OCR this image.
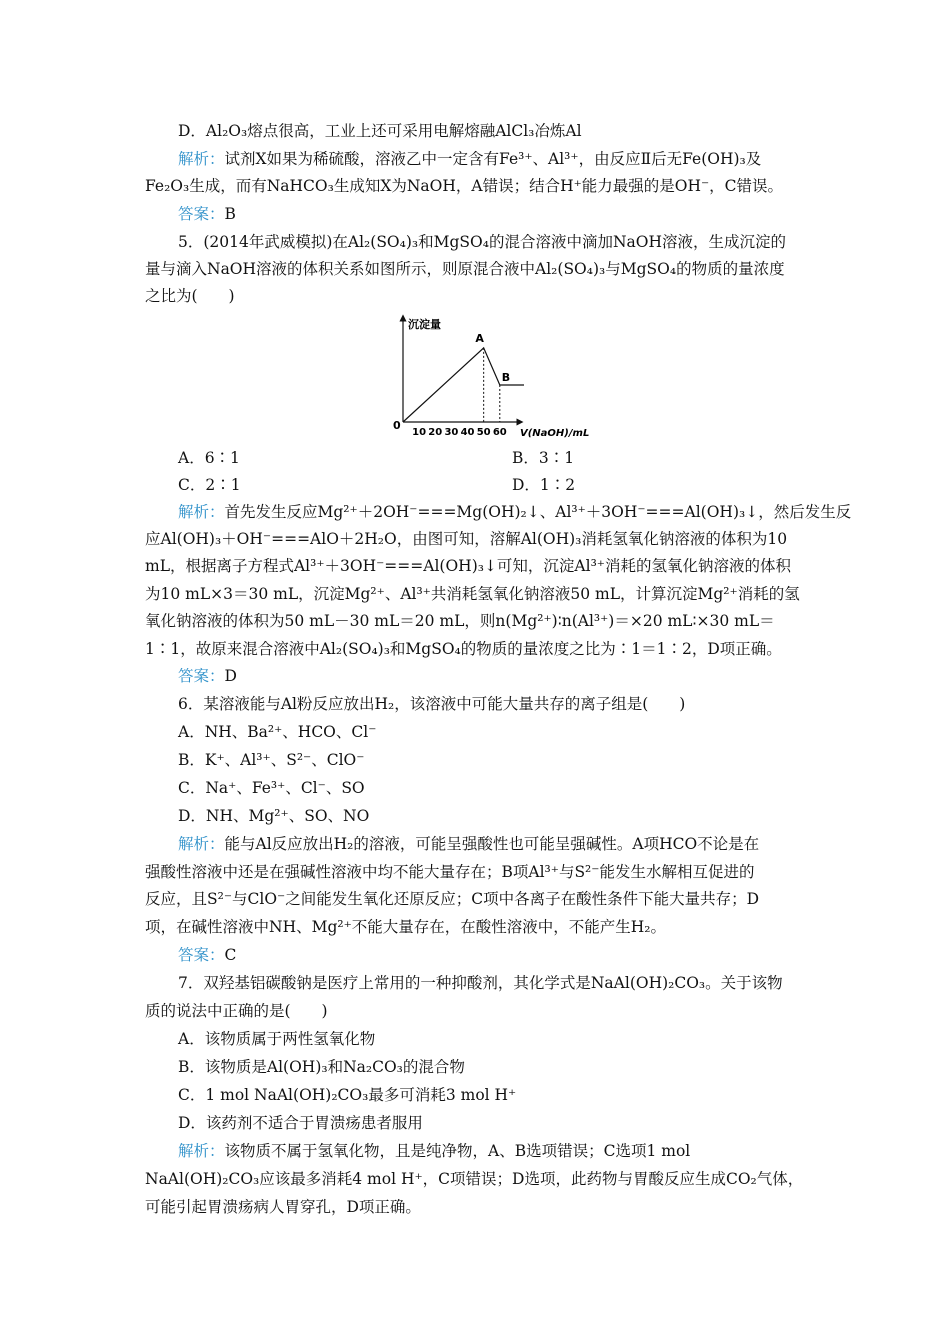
D．Al₂O₃熔点很高，工业上还可采用电解熔融AlCl₃冶炼Al
解析：试剂X如果为稀硫酸，溶液乙中一定含有Fe³⁺、Al³⁺，由反应Ⅱ后无Fe(OH)₃及
Fe₂O₃生成，而有NaHCO₃生成知X为NaOH，A错误；结合H⁺能力最强的是OH⁻，C错误。
答案：B
5．(2014年武威模拟)在Al₂(SO₄)₃和MgSO₄的混合溶液中滴加NaOH溶液，生成沉淀的
量与滴入NaOH溶液的体积关系如图所示，则原混合液中Al₂(SO₄)₃与MgSO₄的物质的量浓度
之比为(　　)
沉淀量
0
V(NaOH)/mL
10 20 30 40 50 60
A
B
A．6∶1	B．3∶1
C．2∶1	D．1∶2
解析：首先发生反应Mg²⁺＋2OH⁻===Mg(OH)₂↓、Al³⁺＋3OH⁻===Al(OH)₃↓，然后发生反
应Al(OH)₃＋OH⁻===AlO＋2H₂O，由图可知，溶解Al(OH)₃消耗氢氧化钠溶液的体积为10
mL，根据离子方程式Al³⁺＋3OH⁻===Al(OH)₃↓可知，沉淀Al³⁺消耗的氢氧化钠溶液的体积
为10 mL×3＝30 mL，沉淀Mg²⁺、Al³⁺共消耗氢氧化钠溶液50 mL，计算沉淀Mg²⁺消耗的氢
氧化钠溶液的体积为50 mL－30 mL＝20 mL，则n(Mg²⁺)∶n(Al³⁺)＝×20 mL∶×30 mL＝
1∶1，故原来混合溶液中Al₂(SO₄)₃和MgSO₄的物质的量浓度之比为∶1＝1∶2，D项正确。
答案：D
6．某溶液能与Al粉反应放出H₂，该溶液中可能大量共存的离子组是(　　)
A．NH、Ba²⁺、HCO、Cl⁻
B．K⁺、Al³⁺、S²⁻、ClO⁻
C．Na⁺、Fe³⁺、Cl⁻、SO
D．NH、Mg²⁺、SO、NO
解析：能与Al反应放出H₂的溶液，可能呈强酸性也可能呈强碱性。A项HCO不论是在
强酸性溶液中还是在强碱性溶液中均不能大量存在；B项Al³⁺与S²⁻能发生水解相互促进的
反应，且S²⁻与ClO⁻之间能发生氧化还原反应；C项中各离子在酸性条件下能大量共存；D
项，在碱性溶液中NH、Mg²⁺不能大量存在，在酸性溶液中，不能产生H₂。
答案：C
7．双羟基铝碳酸钠是医疗上常用的一种抑酸剂，其化学式是NaAl(OH)₂CO₃。关于该物
质的说法中正确的是(　　)
A．该物质属于两性氢氧化物
B．该物质是Al(OH)₃和Na₂CO₃的混合物
C．1 mol NaAl(OH)₂CO₃最多可消耗3 mol H⁺
D．该药剂不适合于胃溃疡患者服用
解析：该物质不属于氢氧化物，且是纯净物，A、B选项错误；C选项1 mol
NaAl(OH)₂CO₃应该最多消耗4 mol H⁺，C项错误；D选项，此药物与胃酸反应生成CO₂气体，
可能引起胃溃疡病人胃穿孔，D项正确。
